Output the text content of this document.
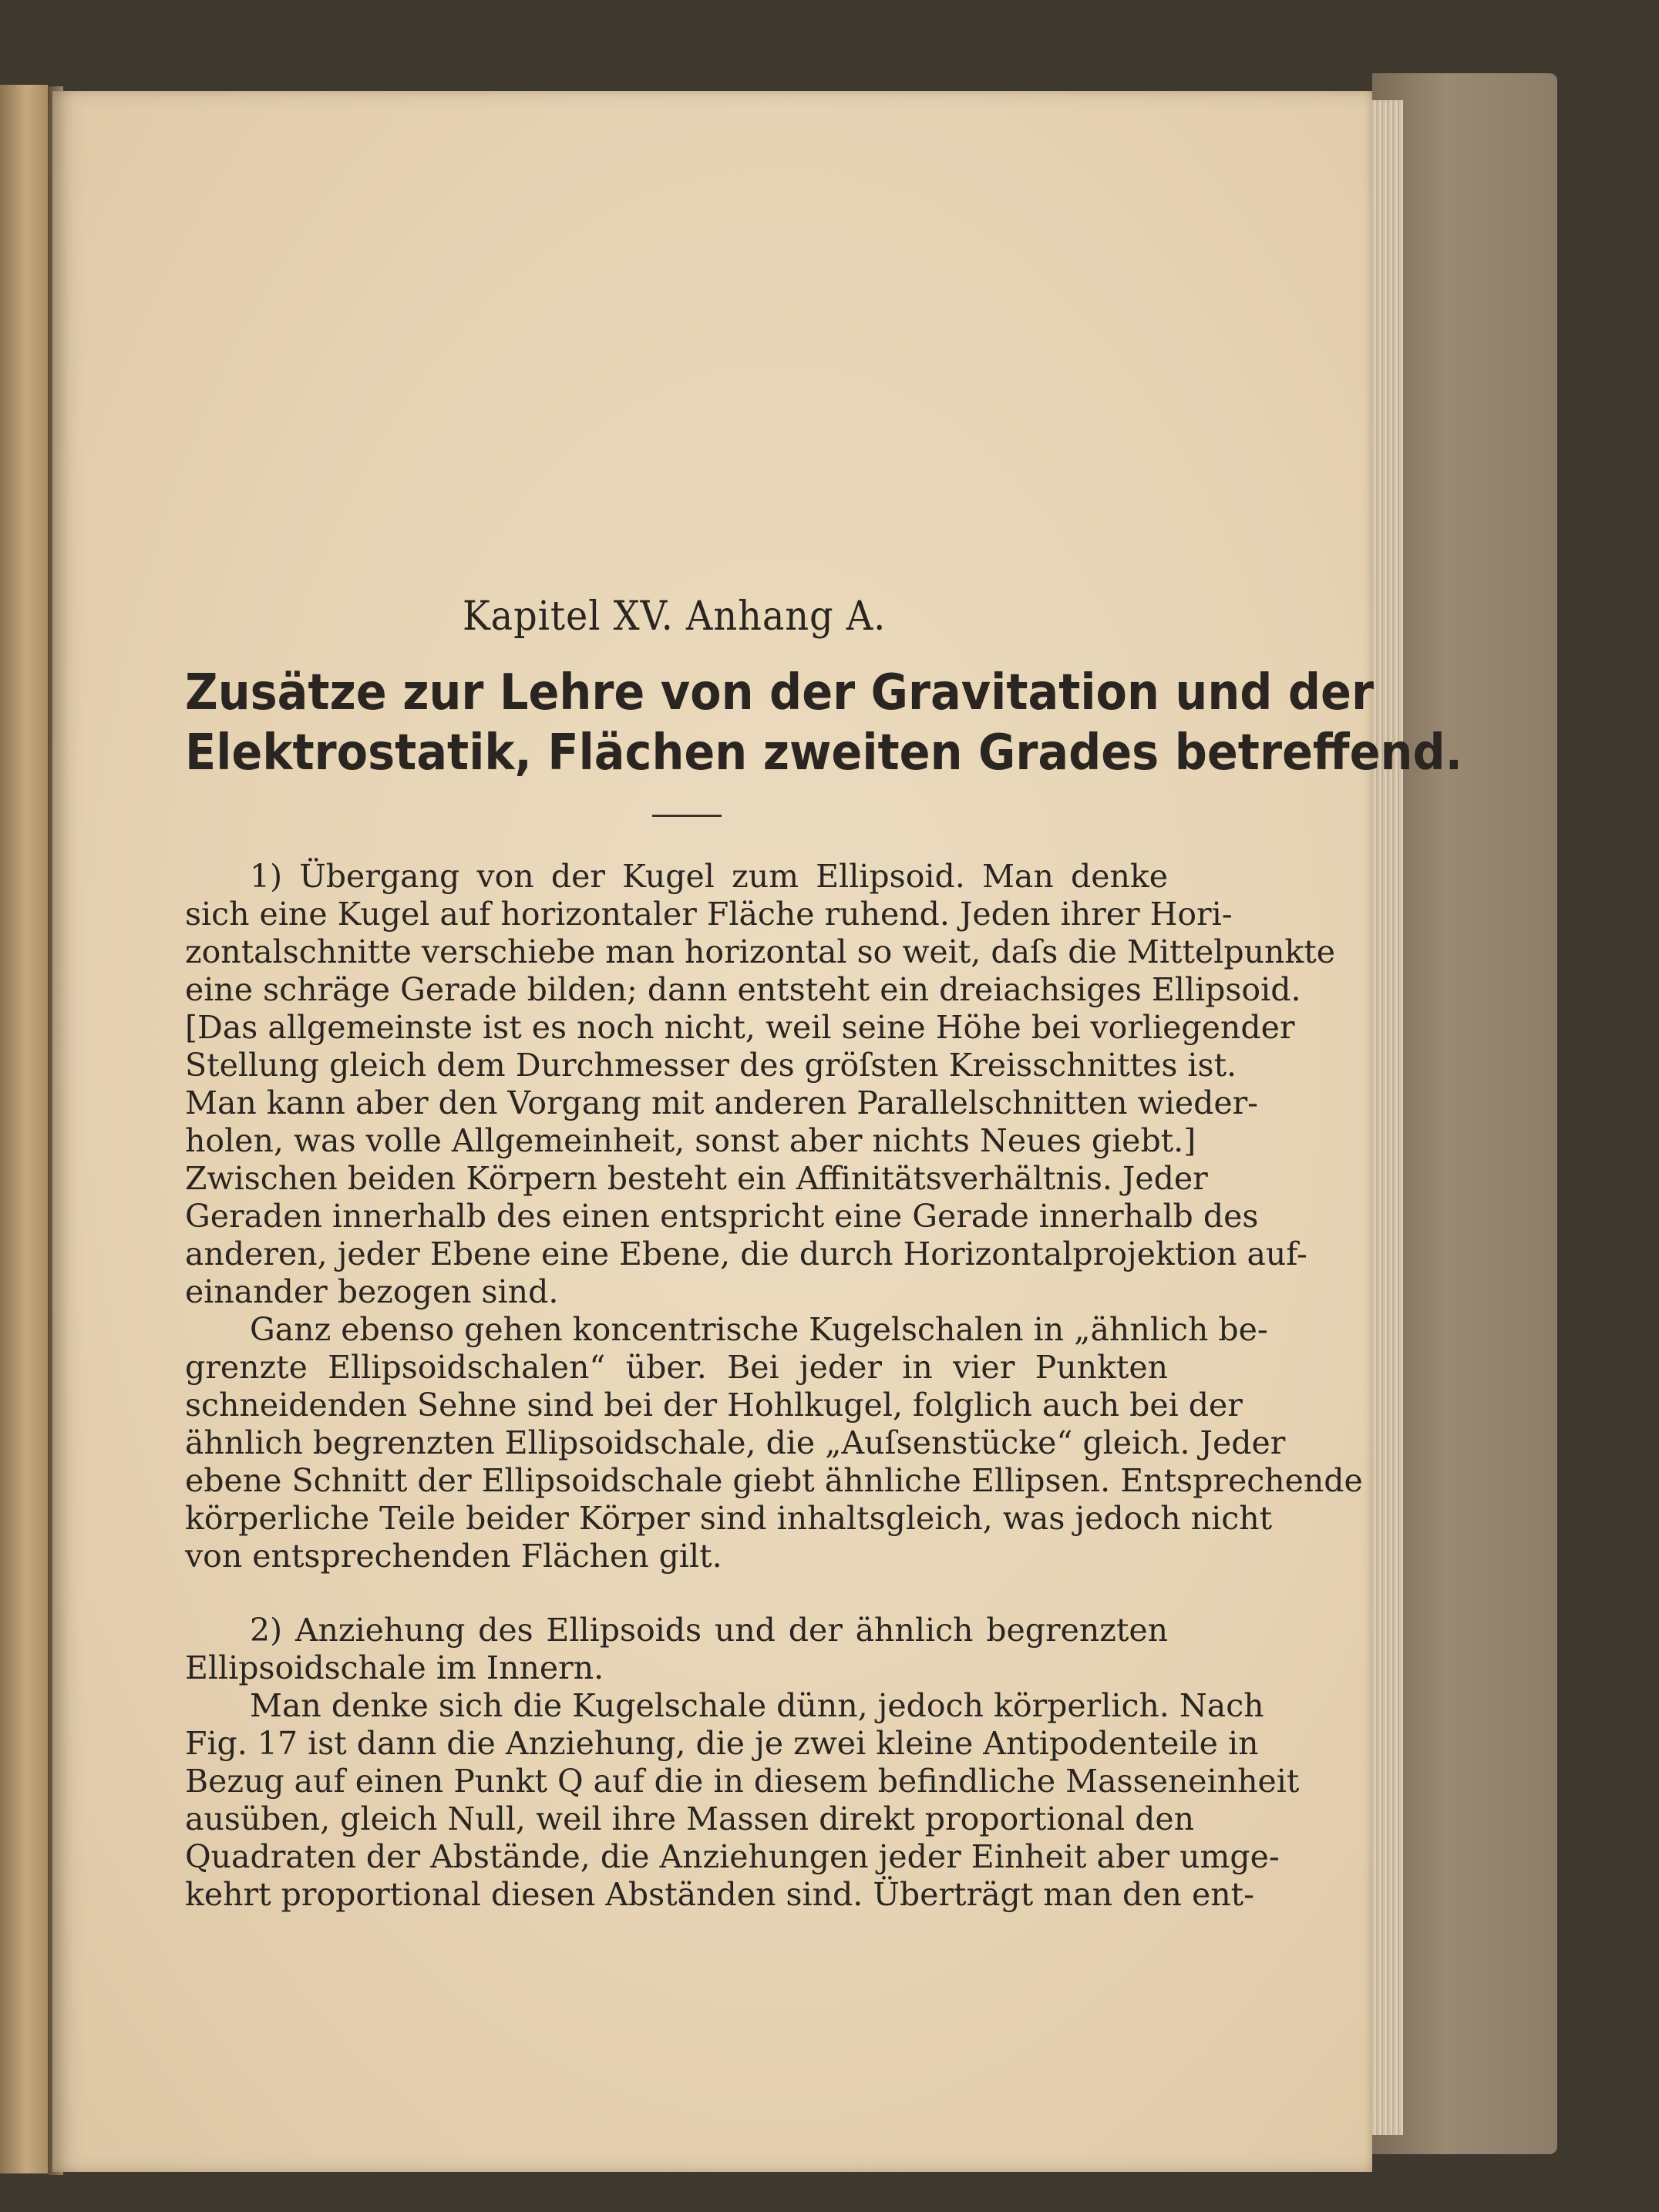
Kapitel XV. Anhang A.
Zusätze zur Lehre von der Gravitation und der
Elektrostatik, Flächen zweiten Grades betreffend.
1) Übergang von der Kugel zum Ellipsoid. Man denke
sich eine Kugel auf horizontaler Fläche ruhend. Jeden ihrer Hori-
zontalschnitte verschiebe man horizontal so weit, daſs die Mittelpunkte
eine schräge Gerade bilden; dann entsteht ein dreiachsiges Ellipsoid.
[Das allgemeinste ist es noch nicht, weil seine Höhe bei vorliegender
Stellung gleich dem Durchmesser des gröſsten Kreisschnittes ist.
Man kann aber den Vorgang mit anderen Parallelschnitten wieder-
holen, was volle Allgemeinheit, sonst aber nichts Neues giebt.]
Zwischen beiden Körpern besteht ein Affinitätsverhältnis. Jeder
Geraden innerhalb des einen entspricht eine Gerade innerhalb des
anderen, jeder Ebene eine Ebene, die durch Horizontalprojektion auf-
einander bezogen sind.
Ganz ebenso gehen koncentrische Kugelschalen in „ähnlich be-
grenzte Ellipsoidschalen“ über. Bei jeder in vier Punkten
schneidenden Sehne sind bei der Hohlkugel, folglich auch bei der
ähnlich begrenzten Ellipsoidschale, die „Auſsenstücke“ gleich. Jeder
ebene Schnitt der Ellipsoidschale giebt ähnliche Ellipsen. Entsprechende
körperliche Teile beider Körper sind inhaltsgleich, was jedoch nicht
von entsprechenden Flächen gilt.
2) Anziehung des Ellipsoids und der ähnlich begrenzten
Ellipsoidschale im Innern.
Man denke sich die Kugelschale dünn, jedoch körperlich. Nach
Fig. 17 ist dann die Anziehung, die je zwei kleine Antipodenteile in
Bezug auf einen Punkt Q auf die in diesem befindliche Masseneinheit
ausüben, gleich Null, weil ihre Massen direkt proportional den
Quadraten der Abstände, die Anziehungen jeder Einheit aber umge-
kehrt proportional diesen Abständen sind. Überträgt man den ent-
